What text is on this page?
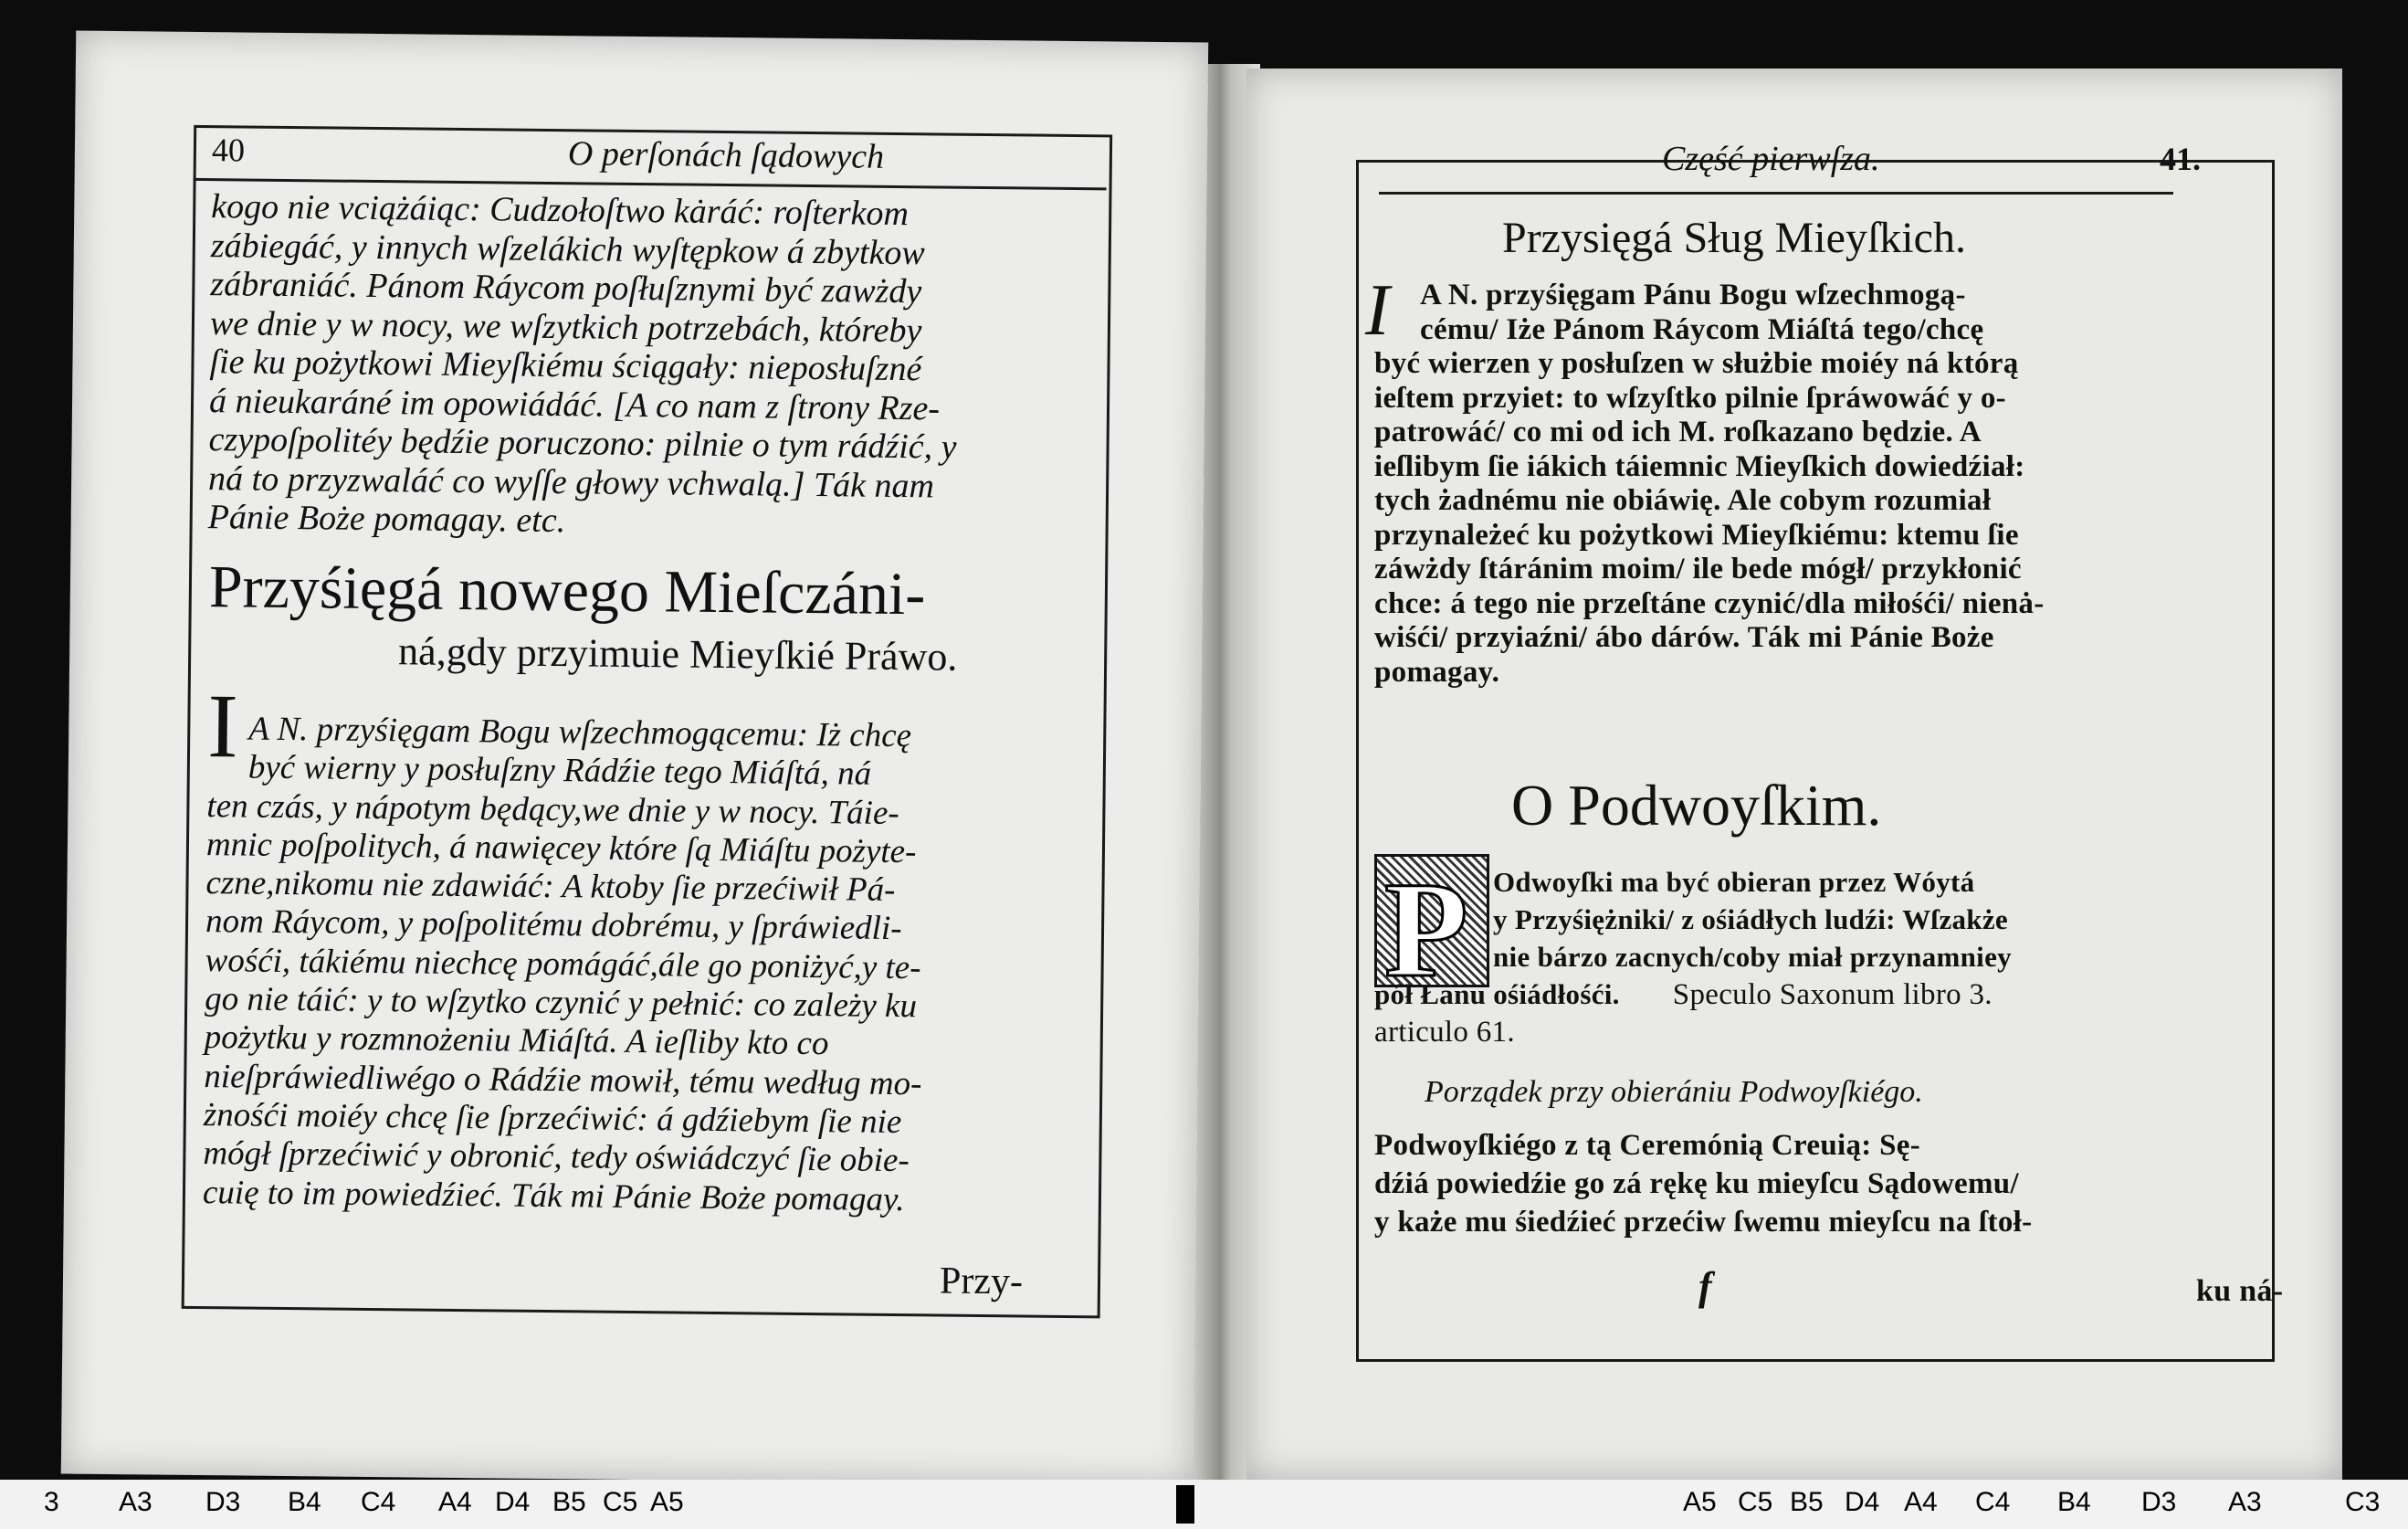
40	O perſonách ſądowych
kogo nie vciążáiąc: Cudzołoſtwo kȧráć: roſterkom
zábiegáć, y innych wſzelákich wyſtępkow á zbytkow
zábraniáć. Pánom Ráycom poſłuſznymi być zawżdy
we dnie y w nocy, we wſzytkich potrzebách, któreby
ſie ku pożytkowi Mieyſkiému ściągały: nieposłuſzné
á nieukaráné im opowiádáć. [A co nam z ſtrony Rze-
czypoſpolitéy będźie poruczono: pilnie o tym rádźić, y
ná to przyzwaláć co wyſſe głowy vchwalą.] Ták nam
Pánie Boże pomagay. etc.
Przyśięgá nowego Mieſczáni-
ná,gdy przyimuie Mieyſkié Práwo.
I A N. przyśięgam Bogu wſzechmogącemu: Iż chcę
być wierny y posłuſzny Rádźie tego Miáſtá, ná
ten czás, y nápotym będący,we dnie y w nocy. Táie-
mnic poſpolitych, á nawięcey które ſą Miáſtu pożyte-
czne,nikomu nie zdawiáć: A ktoby ſie przećiwił Pá-
nom Ráycom, y poſpolitému dobrému, y ſpráwiedli-
wośći, tákiému niechcę pomágáć,ále go poniżyć,y te-
go nie táić: y to wſzytko czynić y pełnić: co zależy ku
pożytku y rozmnożeniu Miáſtá. A ieſliby kto co
nieſpráwiedliwégo o Rádźie mowił, tému według mo-
żnośći moiéy chcę ſie ſprzećiwić: á gdźiebym ſie nie
mógł ſprzećiwić y obronić, tedy oświádczyć ſie obie-
cuię to im powiedźieć. Ták mi Pánie Boże pomagay.
Przy-
Część pierwſza.	41.
Przysięgá Sług Mieyſkich.
I	A N. przyśięgam Pánu Bogu wſzechmogą-
cému/ Iże Pánom Ráycom Miáſtá tego/chcę
być wierzen y posłuſzen w służbie moiéy ná którą
ieſtem przyiet: to wſzyſtko pilnie ſpráwowáć y o-
patrowáć/ co mi od ich M. roſkazano będzie. A
ieſlibym ſie iákich táiemnic Mieyſkich dowiedźiał:
tych żadnému nie obiáwię. Ale cobym rozumiał
przynależeć ku pożytkowi Mieyſkiému: ktemu ſie
záwżdy ſtáránim moim/ ile bede mógł/ przykłonić
chce: á tego nie przeſtáne czynić/dla miłośći/ nienȧ-
wiśći/ przyiaźni/ ábo dárów. Ták mi Pánie Boże
pomagay.
O Podwoyſkim.
P Odwoyſki ma być obieran przez Wóytá
y Przyśiężniki/ z ośiádłych ludźi: Wſzakże
nie bárzo zacnych/coby miał przynamniey
pół Łanu ośiádłośći. Speculo Saxonum libro 3.
articulo 61.
Porządek przy obierániu Podwoyſkiégo.
Podwoyſkiégo z tą Ceremónią Creuią: Sę-
dźiá powiedźie go zá rękę ku mieyſcu Sądowemu/
y każe mu śiedźieć przećiw ſwemu mieyſcu na ſtoł-
f	ku ná-
3 A3 D3 B4 C4 A4 D4 B5 C5 A5	A5 C5 B5 D4 A4 C4 B4 D3 A3	C3
